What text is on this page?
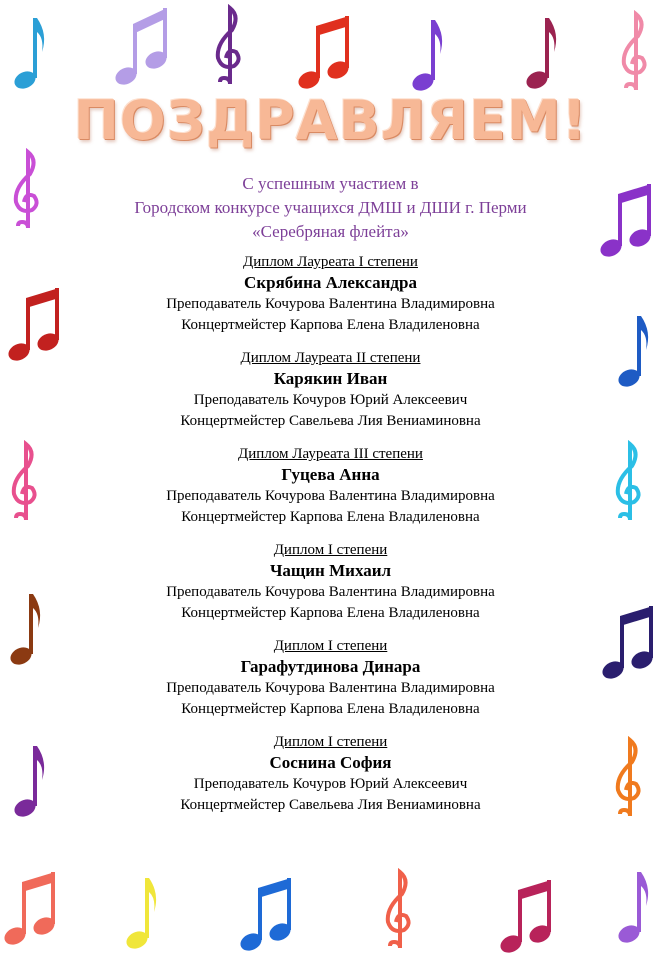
ПОЗДРАВЛЯЕМ!
С успешным участием в
Городском конкурсе учащихся ДМШ и ДШИ г. Перми
«Серебряная флейта»
Диплом Лауреата I степени
Скрябина Александра
Преподаватель Кочурова Валентина Владимировна
Концертмейстер Карпова Елена Владиленовна
Диплом Лауреата II степени
Карякин Иван
Преподаватель Кочуров Юрий Алексеевич
Концертмейстер Савельева Лия Вениаминовна
Диплом Лауреата III степени
Гуцева Анна
Преподаватель Кочурова Валентина Владимировна
Концертмейстер Карпова Елена Владиленовна
Диплом I степени
Чащин Михаил
Преподаватель Кочурова Валентина Владимировна
Концертмейстер Карпова Елена Владиленовна
Диплом I степени
Гарафутдинова Динара
Преподаватель Кочурова Валентина Владимировна
Концертмейстер Карпова Елена Владиленовна
Диплом I степени
Соснина София
Преподаватель Кочуров Юрий Алексеевич
Концертмейстер Савельева Лия Вениаминовна
